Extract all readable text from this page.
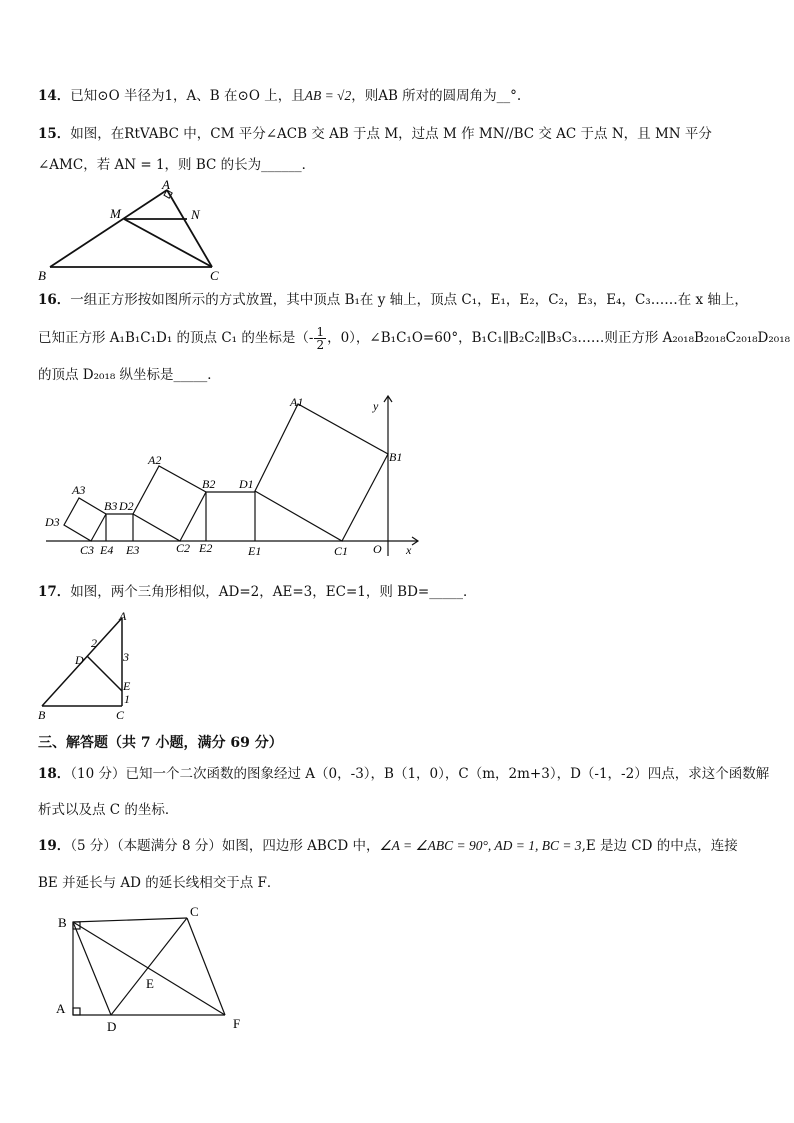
14．已知⊙O 半径为1，A、B 在⊙O 上，且AB = √2，则AB 所对的圆周角为__°.
15．如图，在RtVABC 中，CM 平分∠ACB 交 AB 于点 M，过点 M 作 MN//BC 交 AC 于点 N，且 MN 平分
∠AMC，若 AN = 1，则 BC 的长为______．
A
M	N
B	C
16．一组正方形按如图所示的方式放置，其中顶点 B₁在 y 轴上，顶点 C₁，E₁，E₂，C₂，E₃，E₄，C₃……在 x 轴上，
已知正方形 A₁B₁C₁D₁ 的顶点 C₁ 的坐标是（- $\frac{1}{2}$ ，0），∠B₁C₁O=60°，B₁C₁∥B₂C₂∥B₃C₃……则正方形 A₂₀₁₈B₂₀₁₈C₂₀₁₈D₂₀₁₈
的顶点 D₂₀₁₈ 纵坐标是_____．
A1
B1
C1
D1
E1
A2
B2
C2
D2
E2
A3
B3
C3
D3
E3
E4	O x
y
17．如图，两个三角形相似，AD=2，AE=3，EC=1，则 BD=_____．
A
D
E
B	C
2
3
1
三、解答题（共 7 小题，满分 69 分）
18．（10 分）已知一个二次函数的图象经过 A（0，-3），B（1，0），C（m，2m+3），D（-1，-2）四点，求这个函数解
析式以及点 C 的坐标．
19．（5 分）（本题满分 8 分）如图，四边形 ABCD 中，∠A = ∠ABC = 90°, AD = 1, BC = 3,E 是边 CD 的中点，连接
BE 并延长与 AD 的延长线相交于点 F．
B
C
A
D
E
F
